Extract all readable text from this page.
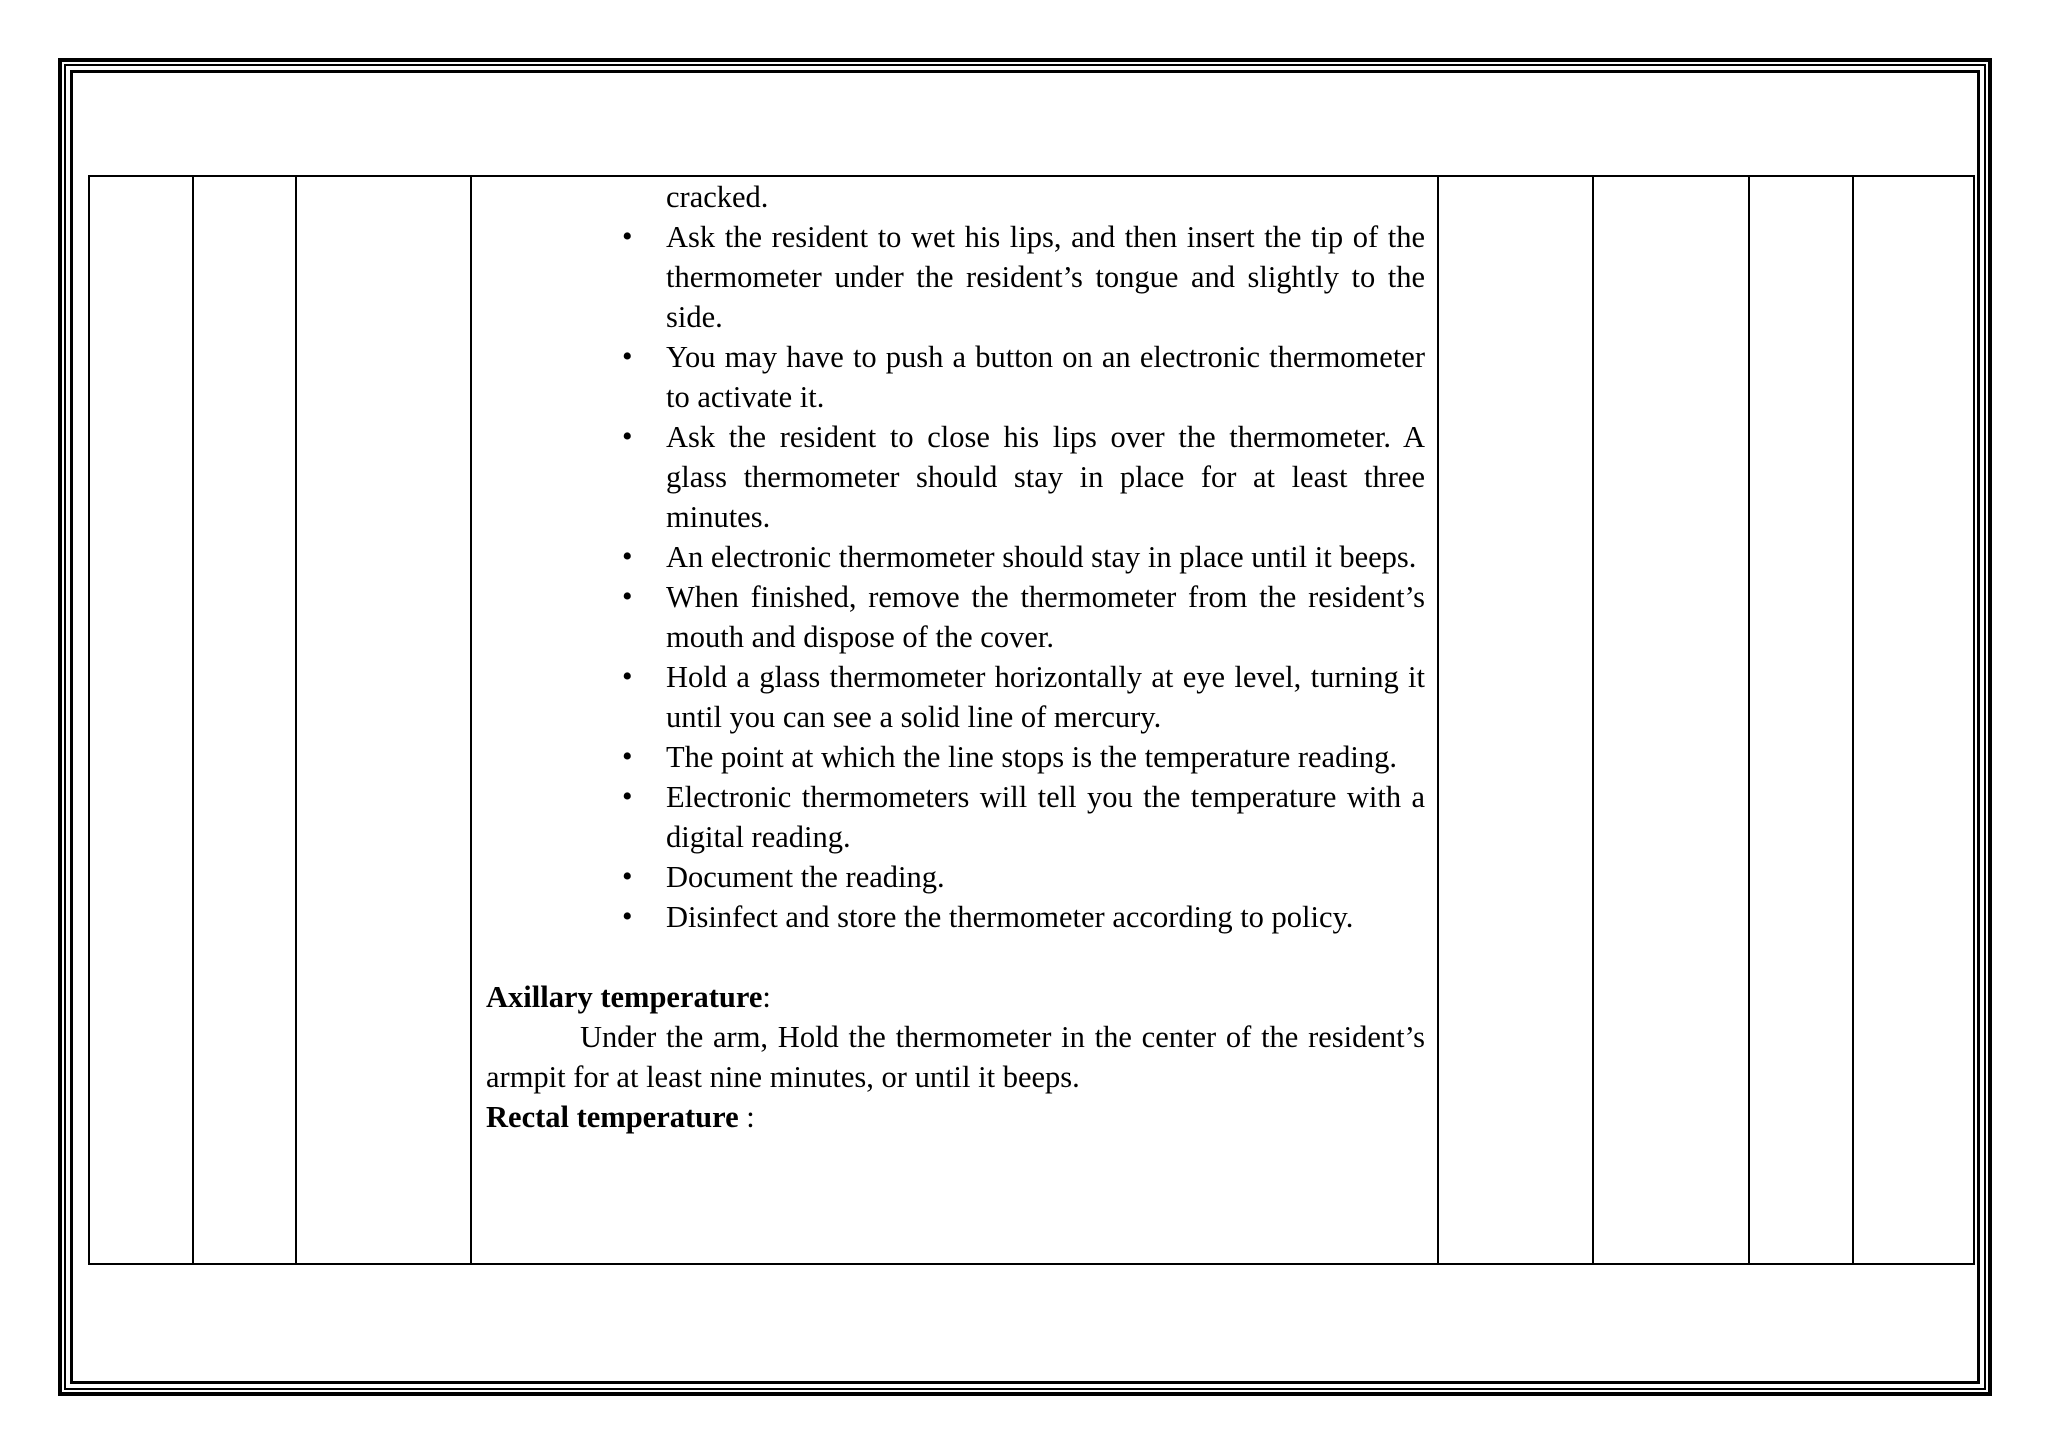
cracked.
• Ask the resident to wet his lips, and then insert the tip of the thermometer under the resident’s tongue and slightly to the side.
• You may have to push a button on an electronic thermometer to activate it.
• Ask the resident to close his lips over the thermometer. A glass thermometer should stay in place for at least three minutes.
• An electronic thermometer should stay in place until it beeps.
• When finished, remove the thermometer from the resident’s mouth and dispose of the cover.
• Hold a glass thermometer horizontally at eye level, turning it until you can see a solid line of mercury.
• The point at which the line stops is the temperature reading.
• Electronic thermometers will tell you the temperature with a digital reading.
• Document the reading.
• Disinfect and store the thermometer according to policy.
Axillary temperature:

Under the arm, Hold the thermometer in the center of the resident’s armpit for at least nine minutes, or until it beeps.

Rectal temperature :
